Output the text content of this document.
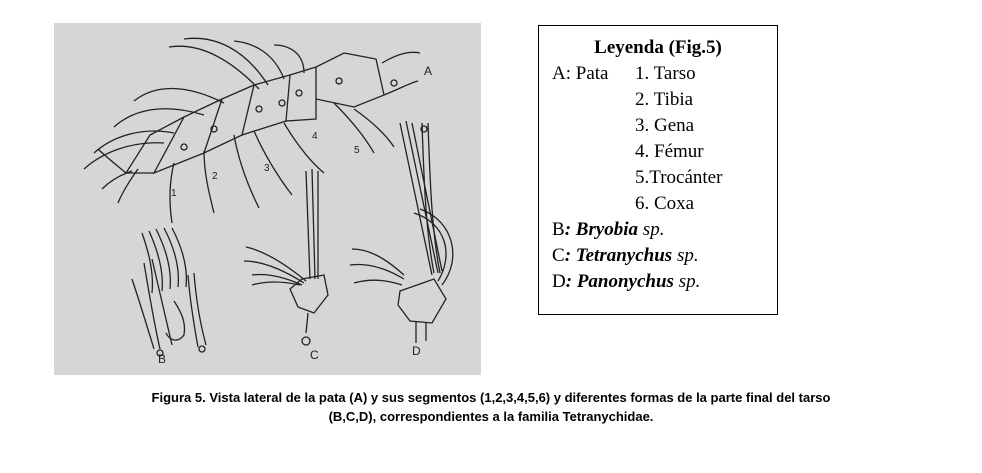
A
B	C	D
1
2
3
4
5
Leyenda (Fig.5)
A: Pata 1. Tarso
2. Tibia
3. Gena
4. Fémur
5.Trocánter
6. Coxa
B: Bryobia sp.
C: Tetranychus sp.
D: Panonychus sp.
Figura 5. Vista lateral de la pata (A) y sus segmentos (1,2,3,4,5,6) y diferentes formas de la parte final del tarso
(B,C,D), correspondientes a la familia Tetranychidae.
